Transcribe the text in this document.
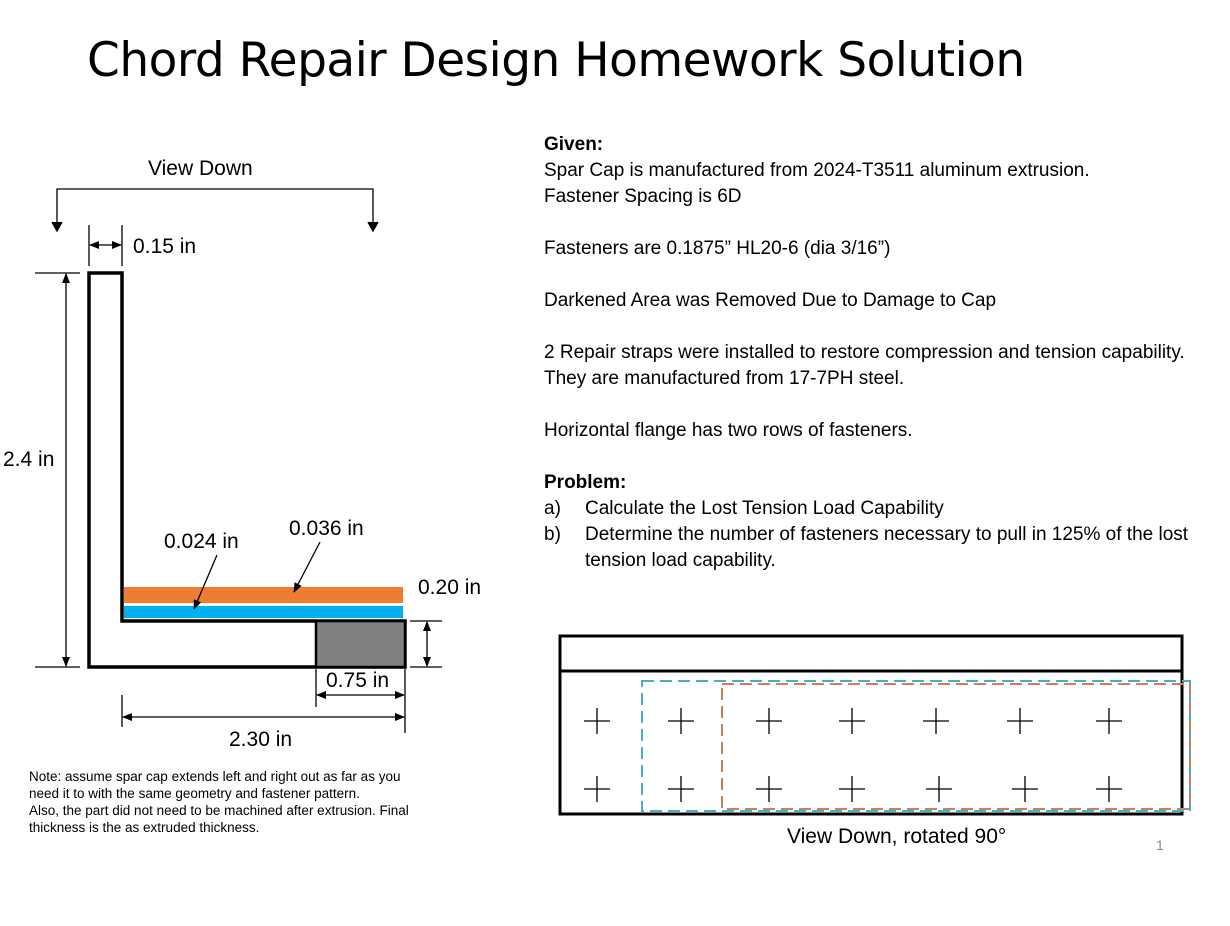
Chord Repair Design Homework Solution

Given:

Spar Cap is manufactured from 2024-T3511 aluminum extrusion.

Fastener Spacing is 6D

Fasteners are 0.1875” HL20-6 (dia 3/16”)

Darkened Area was Removed Due to Damage to Cap

2 Repair straps were installed to restore compression and tension capability. They are manufactured from 17-7PH steel.

Horizontal flange has two rows of fasteners.

Problem:

a) Calculate the Lost Tension Load Capability
b) Determine the number of fasteners necessary to pull in 125% of the lost tension load capability.
View Down
0.15 in
2.4 in
0.024 in
0.036 in
0.20 in
0.75 in
2.30 in
View Down, rotated 90°

Note: assume spar cap extends left and right out as far as you need it to with the same geometry and fastener pattern.

Also, the part did not need to be machined after extrusion. Final thickness is the as extruded thickness.

1
